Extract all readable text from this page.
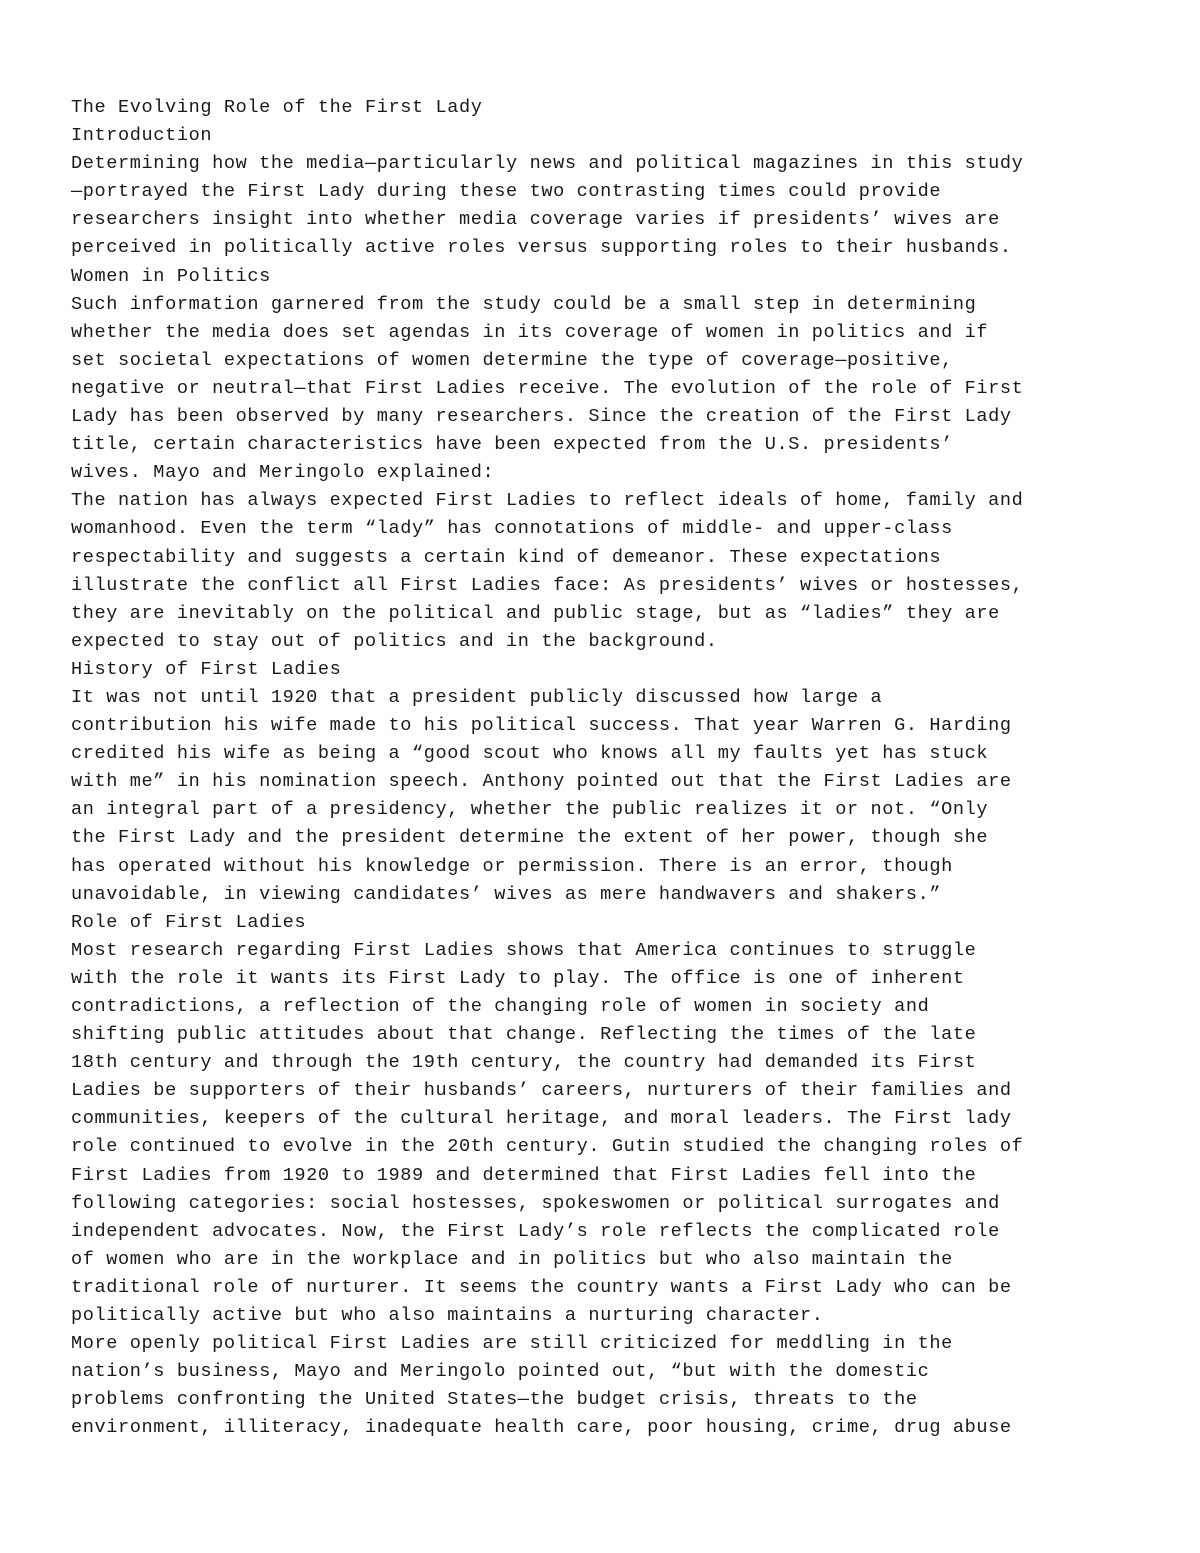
The Evolving Role of the First Lady
Introduction
Determining how the media—particularly news and political magazines in this study
—portrayed the First Lady during these two contrasting times could provide
researchers insight into whether media coverage varies if presidents’ wives are
perceived in politically active roles versus supporting roles to their husbands.
Women in Politics
Such information garnered from the study could be a small step in determining
whether the media does set agendas in its coverage of women in politics and if
set societal expectations of women determine the type of coverage—positive,
negative or neutral—that First Ladies receive. The evolution of the role of First
Lady has been observed by many researchers. Since the creation of the First Lady
title, certain characteristics have been expected from the U.S. presidents’
wives. Mayo and Meringolo explained:
The nation has always expected First Ladies to reflect ideals of home, family and
womanhood. Even the term “lady” has connotations of middle- and upper-class
respectability and suggests a certain kind of demeanor. These expectations
illustrate the conflict all First Ladies face: As presidents’ wives or hostesses,
they are inevitably on the political and public stage, but as “ladies” they are
expected to stay out of politics and in the background.
History of First Ladies
It was not until 1920 that a president publicly discussed how large a
contribution his wife made to his political success. That year Warren G. Harding
credited his wife as being a “good scout who knows all my faults yet has stuck
with me” in his nomination speech. Anthony pointed out that the First Ladies are
an integral part of a presidency, whether the public realizes it or not. “Only
the First Lady and the president determine the extent of her power, though she
has operated without his knowledge or permission. There is an error, though
unavoidable, in viewing candidates’ wives as mere handwavers and shakers.”
Role of First Ladies
Most research regarding First Ladies shows that America continues to struggle
with the role it wants its First Lady to play. The office is one of inherent
contradictions, a reflection of the changing role of women in society and
shifting public attitudes about that change. Reflecting the times of the late
18th century and through the 19th century, the country had demanded its First
Ladies be supporters of their husbands’ careers, nurturers of their families and
communities, keepers of the cultural heritage, and moral leaders. The First lady
role continued to evolve in the 20th century. Gutin studied the changing roles of
First Ladies from 1920 to 1989 and determined that First Ladies fell into the
following categories: social hostesses, spokeswomen or political surrogates and
independent advocates. Now, the First Lady’s role reflects the complicated role
of women who are in the workplace and in politics but who also maintain the
traditional role of nurturer. It seems the country wants a First Lady who can be
politically active but who also maintains a nurturing character.
More openly political First Ladies are still criticized for meddling in the
nation’s business, Mayo and Meringolo pointed out, “but with the domestic
problems confronting the United States—the budget crisis, threats to the
environment, illiteracy, inadequate health care, poor housing, crime, drug abuse
